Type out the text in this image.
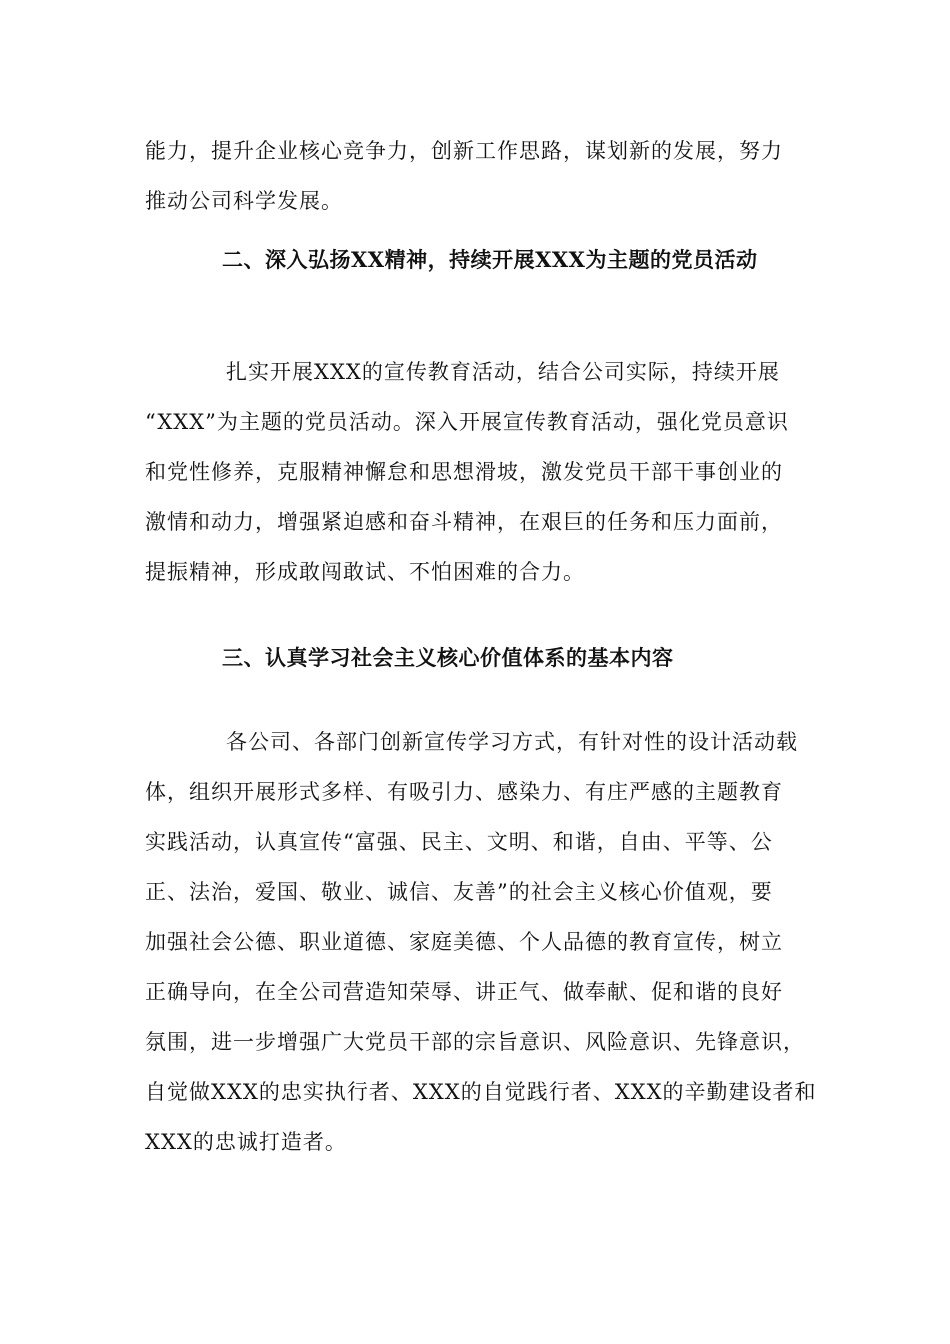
能力，提升企业核心竞争力，创新工作思路，谋划新的发展，努力
推动公司科学发展。
二、深入弘扬XX精神，持续开展XXX为主题的党员活动
扎实开展XXX的宣传教育活动，结合公司实际，持续开展
“XXX”为主题的党员活动。深入开展宣传教育活动，强化党员意识
和党性修养，克服精神懈怠和思想滑坡，激发党员干部干事创业的
激情和动力，增强紧迫感和奋斗精神，在艰巨的任务和压力面前，
提振精神，形成敢闯敢试、不怕困难的合力。
三、认真学习社会主义核心价值体系的基本内容
各公司、各部门创新宣传学习方式，有针对性的设计活动载
体，组织开展形式多样、有吸引力、感染力、有庄严感的主题教育
实践活动，认真宣传“富强、民主、文明、和谐，自由、平等、公
正、法治，爱国、敬业、诚信、友善”的社会主义核心价值观，要
加强社会公德、职业道德、家庭美德、个人品德的教育宣传，树立
正确导向，在全公司营造知荣辱、讲正气、做奉献、促和谐的良好
氛围，进一步增强广大党员干部的宗旨意识、风险意识、先锋意识，
自觉做XXX的忠实执行者、XXX的自觉践行者、XXX的辛勤建设者和
XXX的忠诚打造者。
